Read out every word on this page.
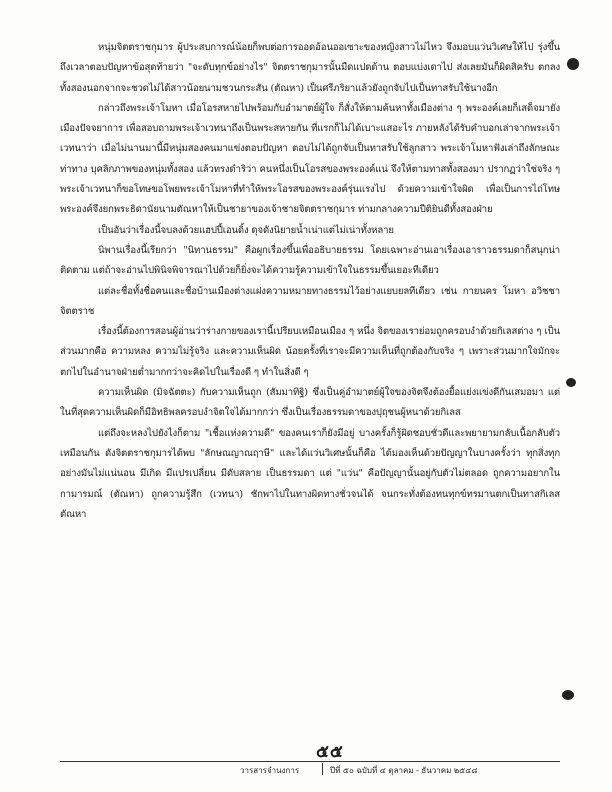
หนุ่มจิตตราชกุมาร ผู้ประสบการณ์น้อยก็พบต่อการออดอ้อนออเซาะของหญิงสาวไม่ไหว จึงมอบแว่นวิเศษให้ไป รุ่งขึ้นถึงเวลาตอบปัญหาข้อสุดท้ายว่า "จะดับทุกข์อย่างไร" จิตตราชกุมารนั้นมืดแปดด้าน ตอบแบ่งเดาไป ส่งเลยมันก็ผิดสิครับ ตกลงทั้งสองนอกจากจะชวดไม่ได้สาวน้อยนามชวนกระสัน (ตัณหา) เป็นศรีภริยาแล้วยังถูกจับไปเป็นทาสรับใช้นางอีก

กล่าวถึงพระเจ้าโมหา เมื่อโอรสหายไปพร้อมกับอำมาตย์ผู้ใจ ก็สั่งให้ตามค้นหาทั้งเมืองต่าง ๆ พระองค์เลยก็เสด็จมายังเมืองปัจจยาการ เพื่อสอบถามพระเจ้าเวทนาถึงเป็นพระสหายกัน ที่แรกก็ไม่ได้เบาะแสอะไร ภายหลังได้รับคำบอกเล่าจากพระเจ้าเวทนาว่า เมื่อไม่นานมานี้มีหนุ่มสองคนมาแข่งตอบปัญหา ตอบไม่ได้ถูกจับเป็นทาสรับใช้ลูกสาว พระเจ้าโมหาฟังเล่าถึงลักษณะท่าทาง บุคลิกภาพของหนุ่มทั้งสอง แล้วทรงดำริว่า คนหนึ่งเป็นโอรสของพระองค์แน่ จึงให้ตามทาสทั้งสองมา ปรากฏว่าใช่จริง ๆ พระเจ้าเวทนาก็ขอโทษขอโพยพระเจ้าโมหาที่ทำให้พระโอรสของพระองค์รุ่นแรงไป ด้วยความเข้าใจผิด เพื่อเป็นการไถ่โทษ พระองค์จึงยกพระธิดานัยนามตัณหาให้เป็นชายาของเจ้าชายจิตตราชกุมาร ท่ามกลางความปีติยินดีทั้งสองฝ่าย

เป็นอันว่าเรื่องนี้จบลงด้วยแฮปปี้เอนดิ้ง ดุจดังนิยายน้ำเน่าแต่ไม่เน่าทั้งหลาย

นิพานเรื่องนี้เรียกว่า "นิทานธรรม" คือผูกเรื่องขึ้นเพื่ออธิบายธรรม โดยเฉพาะอ่านเอาเรื่องเอาราวธรรมดาก็สนุกน่าติดตาม แต่ถ้าจะอ่านไปพินิจพิจารณาไปด้วยก็ยิ่งจะได้ความรู้ความเข้าใจในธรรมขึ้นเยอะทีเดียว

แต่ละชื่อทั้งชื่อคนและชื่อบ้านเมืองต่างแฝงความหมายทางธรรมไว้อย่างแยบยลทีเดียว เช่น กายนคร โมหา อวิชชา จิตตราช

เรื่องนี้ต้องการสอนผู้อ่านว่าร่างกายของเรานี้เปรียบเหมือนเมือง ๆ หนึ่ง จิตของเราย่อมถูกครอบงำด้วยกิเลสต่าง ๆ เป็นส่วนมากคือ ความหลง ความไม่รู้จริง และความเห็นผิด น้อยครั้งที่เราจะมีความเห็นที่ถูกต้องกับจริง ๆ เพราะส่วนมากใจมักจะตกไปในอำนาจฝ่ายต่ำมากกว่าจะคิดไปในเรื่องดี ๆ ทำในสิ่งดี ๆ

ความเห็นผิด (มิจฉัตตะ) กับความเห็นถูก (สัมมาทิฐิ) ซึ่งเป็นคู่อำมาตย์ผู้ใจของจิตจึงต้องยื้อแย่งแข่งดีกันเสมอมา แต่ในที่สุดความเห็นผิดก็มีอิทธิพลครอบงำจิตใจได้มากกว่า ซึ่งเป็นเรื่องธรรมดาของปุถุชนผู้หนาด้วยกิเลส

แต่ถึงจะหลงไปยังไงก็ตาม "เชื้อแห่งความดี" ของคนเราก็ยังมีอยู่ บางครั้งก็รู้ผิดชอบชั่วดีและพยายามกลับเนื้อกลับตัวเหมือนกัน ดังจิตตราชกุมารได้พบ "ลักษณญาณฤาษี" และได้แว่นวิเศษนั้นก็คือ ได้มองเห็นด้วยปัญญาในบางครั้งว่า ทุกสิ่งทุกอย่างมันไม่แน่นอน มีเกิด มีแปรเปลี่ยน มีดับสลาย เป็นธรรมดา แต่ "แว่น" คือปัญญานั้นอยู่กับตัวไม่ตลอด ถูกความอยากในกามารมณ์ (ตัณหา) ถูกความรู้สึก (เวทนา) ชักพาไปในทางผิดทางชั่วจนได้ จนกระทั่งต้องทนทุกข์ทรมานตกเป็นทาสกิเลสตัณหา

๕๕
วารสารจำนงการ	ปีที่ ๕๐ ฉบับที่ ๔ ตุลาคม - ธันวาคม ๒๕๔๘
